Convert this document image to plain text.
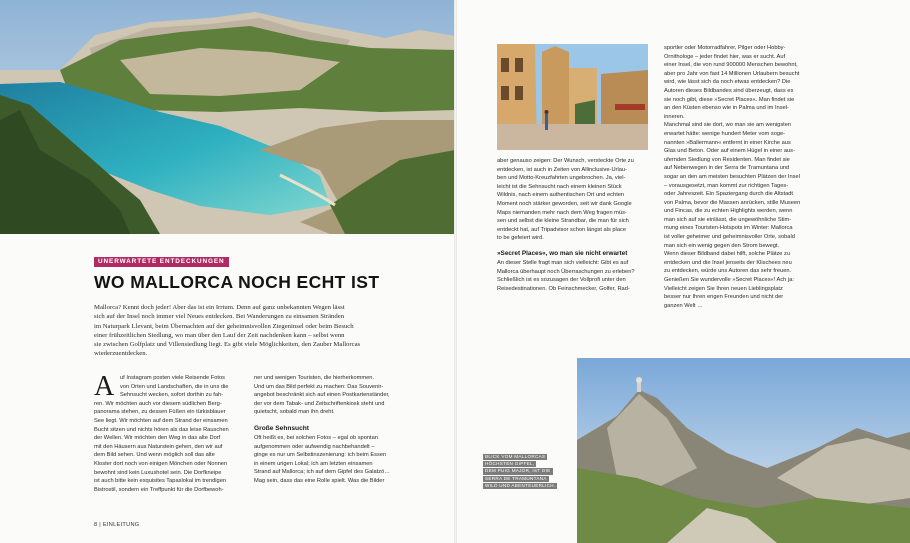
UNERWARTETE ENTDECKUNGEN
WO MALLORCA NOCH ECHT IST
Mallorca? Kennt doch jeder! Aber das ist ein Irrtum. Denn auf ganz unbekannten Wegen lässt
sich auf der Insel noch immer viel Neues entdecken. Bei Wanderungen zu einsamen Stränden
im Naturpark Llevant, beim Übernachten auf der geheimnisvollen Ziegeninsel oder beim Besuch
einer frühzeitlichen Siedlung, wo man über den Lauf der Zeit nachdenken kann – selbst wenn
sie zwischen Golfplatz und Villensiedlung liegt. Es gibt viele Möglichkeiten, den Zauber Mallorcas
wiederzuentdecken.
A	uf Instagram posten viele Reisende Fotos
von Orten und Landschaften, die in uns die
Sehnsucht wecken, sofort dorthin zu fah-
ren. Wir möchten auch vor diesem südlichen Berg-
panorama stehen, zu dessen Füßen ein türkisblauer
See liegt. Wir möchten auf dem Strand der einsamen
Bucht sitzen und nichts hören als das leise Rauschen
der Wellen. Wir möchten den Weg in das alte Dorf
mit den Häusern aus Naturstein gehen, den wir auf
dem Bild sehen. Und wenn möglich soll das alte
Kloster dort noch von einigen Mönchen oder Nonnen
bewohnt sind kein Luxushotel sein. Die Dorfkneipe
ist auch bitte kein exquisites Tapaslokal im trendigen
Bistrostil, sondern ein Treffpunkt für die Dorfbewoh-
ner und wenigen Touristen, die hierherkommen.
Und um das Bild perfekt zu machen: Das Souvenir-
angebot beschränkt sich auf einen Postkartenständer,
der vor dem Tabak- und Zeitschriftenkiosk steht und
quietscht, sobald man ihn dreht.
Große Sehnsucht
Oft heißt es, bei solchen Fotos – egal ob spontan
aufgenommen oder aufwendig nachbehandelt –
ginge es nur um Selbstinszenierung: ich beim Essen
in einem urigen Lokal; ich am letzten einsamen
Strand auf Mallorca; ich auf dem Gipfel des Galatzó…
Mag sein, dass das eine Rolle spielt. Was die Bilder
aber genauso zeigen: Der Wunsch, versteckte Orte zu
entdecken, ist auch in Zeiten von Allinclusive-Urlau-
ben und Motto-Kreuzfahrten ungebrochen. Ja, viel-
leicht ist die Sehnsucht nach einem kleinen Stück
Wildnis, nach einem authentischen Ort und echten
Moment noch stärker geworden, seit wir dank Google
Maps niemanden mehr nach dem Weg fragen müs-
sen und selbst die kleine Strandbar, die man für sich
entdeckt hat, auf Tripadvisor schon längst als place
to be gefeiert wird.
»Secret Places«, wo man sie nicht erwartet
An dieser Stelle fragt man sich vielleicht: Gibt es auf
Mallorca überhaupt noch Überraschungen zu erleben?
Schließlich ist es sozusagen der Vollprofi unter den
Reisedestinationen. Ob Feinschmecker, Golfer, Rad-
sportler oder Motorradfahrer, Pilger oder Hobby-
Ornithologe – jeder findet hier, was er sucht. Auf
einer Insel, die von rund 900000 Menschen bewohnt,
aber pro Jahr von fast 14 Millionen Urlaubern besucht
wird, wie lässt sich da noch etwas entdecken? Die
Autoren dieses Bildbandes sind überzeugt, dass es
sie noch gibt, diese »Secret Places«. Man findet sie
an den Küsten ebenso wie in Palma und im Insel-
inneren.
Manchmal sind sie dort, wo man sie am wenigsten
erwartet hätte: wenige hundert Meter vom soge-
nannten »Ballermann« entfernt in einer Kirche aus
Glas und Beton. Oder auf einem Hügel in einer aus-
ufernden Siedlung von Residenten. Man findet sie
auf Nebenwegen in der Serra de Tramuntana und
sogar an den am meisten besuchten Plätzen der Insel
– vorausgesetzt, man kommt zur richtigen Tages-
oder Jahreszeit. Ein Spaziergang durch die Altstadt
von Palma, bevor die Massen anrücken, stille Museen
und Fincas, die zu echten Highlights werden, wenn
man sich auf sie einlässt, die ungewöhnliche Stim-
mung eines Touristen-Hotspots im Winter: Mallorca
ist voller geheimer und geheimnisvoller Orte, sobald
man sich ein wenig gegen den Strom bewegt.
Wenn dieser Bildband dabei hilft, solche Plätze zu
entdecken und die Insel jenseits der Klischees neu
zu entdecken, würde uns Autoren das sehr freuen.
Genießen Sie wundervolle »Secret Places«! Ach ja:
Vielleicht zeigen Sie Ihren neuen Lieblingsplatz
besser nur Ihren engen Freunden und nicht der
ganzen Welt …
BLICK VOM MALLORCAS
HÖCHSTEN GIPFEL,
DEM PUIG MAJOR, IST DIE
SERRA DE TRAMUNTANA
WILD UND ABENTEUERLICH.
8 | EINLEITUNG
